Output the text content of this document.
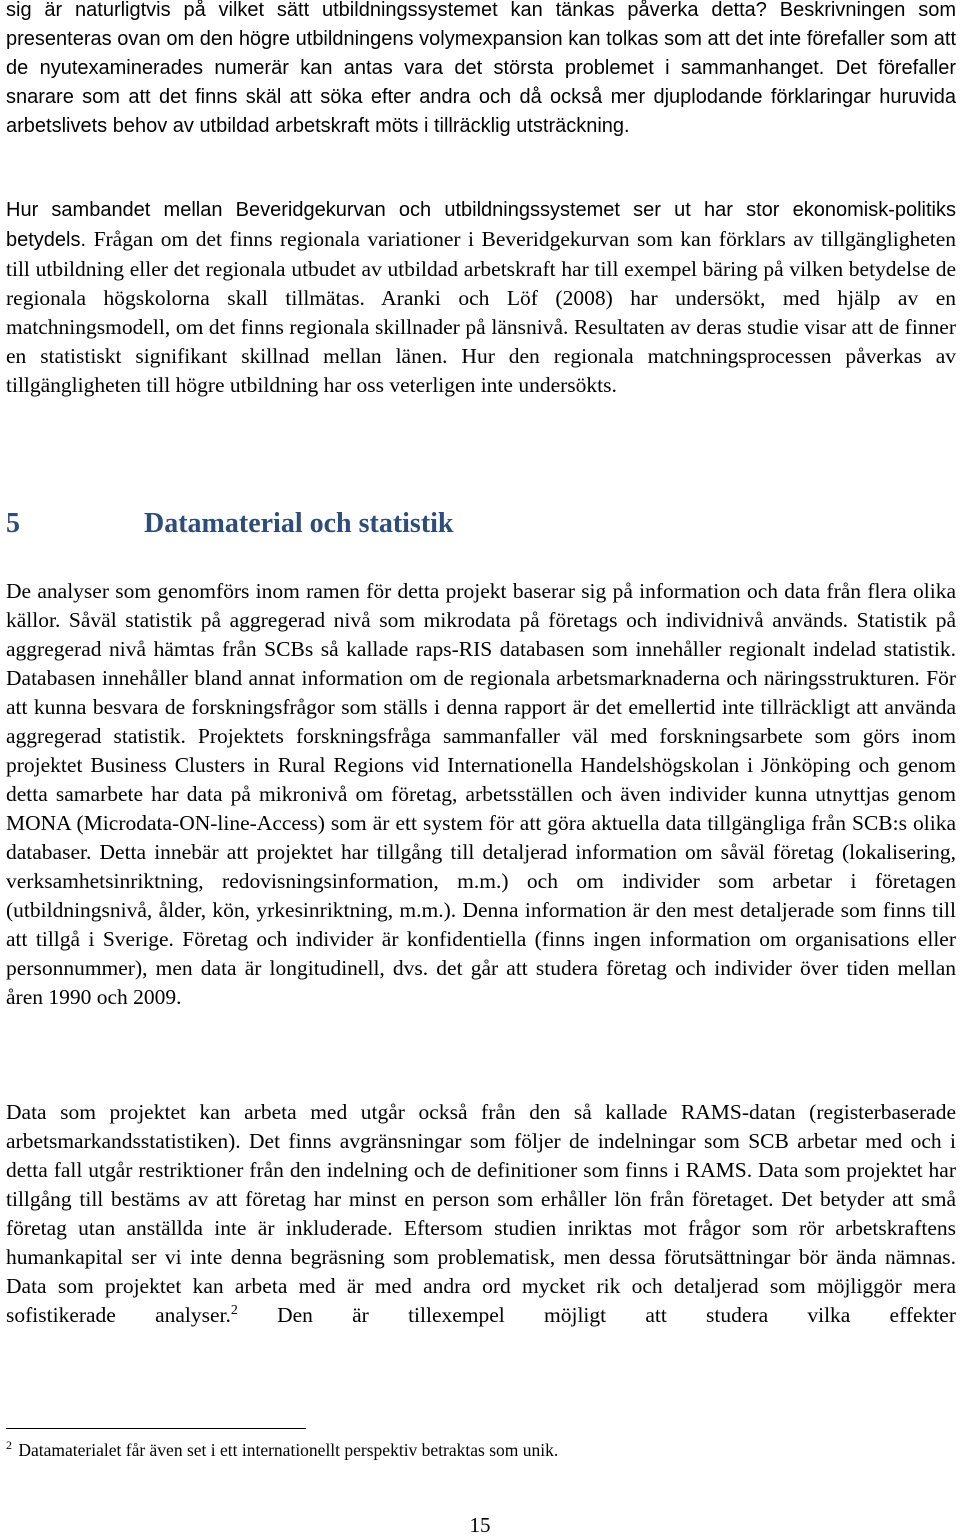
sig är naturligtvis på vilket sätt utbildningssystemet kan tänkas påverka detta? Beskrivningen som presenteras ovan om den högre utbildningens volymexpansion kan tolkas som att det inte förefaller som att de nyutexaminerades numerär kan antas vara det största problemet i sammanhanget. Det förefaller snarare som att det finns skäl att söka efter andra och då också mer djuplodande förklaringar huruvida arbetslivets behov av utbildad arbetskraft möts i tillräcklig utsträckning.

Hur sambandet mellan Beveridgekurvan och utbildningssystemet ser ut har stor ekonomisk-politiks betydels. Frågan om det finns regionala variationer i Beveridgekurvan som kan förklars av tillgängligheten till utbildning eller det regionala utbudet av utbildad arbetskraft har till exempel bäring på vilken betydelse de regionala högskolorna skall tillmätas. Aranki och Löf (2008) har undersökt, med hjälp av en matchningsmodell, om det finns regionala skillnader på länsnivå. Resultaten av deras studie visar att de finner en statistiskt signifikant skillnad mellan länen. Hur den regionala matchningsprocessen påverkas av tillgängligheten till högre utbildning har oss veterligen inte undersökts.

5	Datamaterial och statistik

De analyser som genomförs inom ramen för detta projekt baserar sig på information och data från flera olika källor. Såväl statistik på aggregerad nivå som mikrodata på företags och individnivå används. Statistik på aggregerad nivå hämtas från SCBs så kallade raps-RIS databasen som innehåller regionalt indelad statistik. Databasen innehåller bland annat information om de regionala arbetsmarknaderna och näringsstrukturen. För att kunna besvara de forskningsfrågor som ställs i denna rapport är det emellertid inte tillräckligt att använda aggregerad statistik. Projektets forskningsfråga sammanfaller väl med forskningsarbete som görs inom projektet Business Clusters in Rural Regions vid Internationella Handelshögskolan i Jönköping och genom detta samarbete har data på mikronivå om företag, arbetsställen och även individer kunna utnyttjas genom MONA (Microdata-ON-line-Access) som är ett system för att göra aktuella data tillgängliga från SCB:s olika databaser. Detta innebär att projektet har tillgång till detaljerad information om såväl företag (lokalisering, verksamhetsinriktning, redovisningsinformation, m.m.) och om individer som arbetar i företagen (utbildningsnivå, ålder, kön, yrkesinriktning, m.m.). Denna information är den mest detaljerade som finns till att tillgå i Sverige. Företag och individer är konfidentiella (finns ingen information om organisations eller personnummer), men data är longitudinell, dvs. det går att studera företag och individer över tiden mellan åren 1990 och 2009.

Data som projektet kan arbeta med utgår också från den så kallade RAMS-datan (registerbaserade arbetsmarkandsstatistiken). Det finns avgränsningar som följer de indelningar som SCB arbetar med och i detta fall utgår restriktioner från den indelning och de definitioner som finns i RAMS. Data som projektet har tillgång till bestäms av att företag har minst en person som erhåller lön från företaget. Det betyder att små företag utan anställda inte är inkluderade. Eftersom studien inriktas mot frågor som rör arbetskraftens humankapital ser vi inte denna begräsning som problematisk, men dessa förutsättningar bör ända nämnas. Data som projektet kan arbeta med är med andra ord mycket rik och detaljerad som möjliggör mera sofistikerade analyser.$^2$ Den är tillexempel möjligt att studera vilka effekter

$^2$ Datamaterialet får även set i ett internationellt perspektiv betraktas som unik.

15
